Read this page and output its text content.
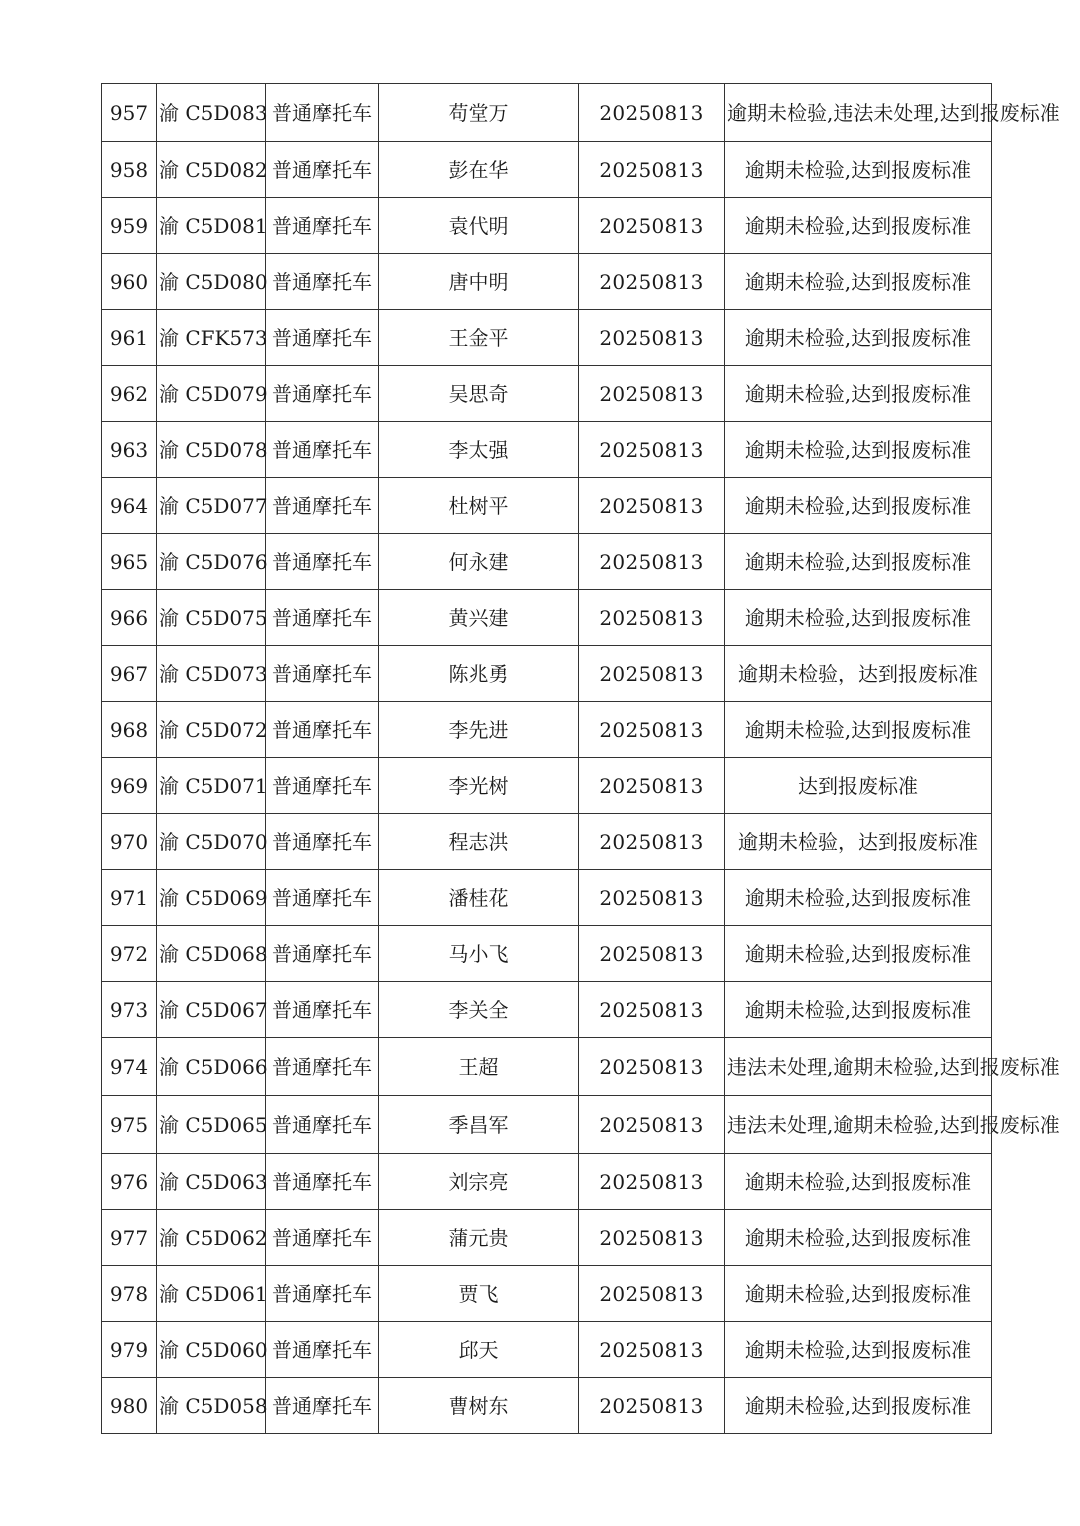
957	渝 C5D083	普通摩托车	苟堂万	20250813	逾期未检验,违法未处理,达到报废标准
958	渝 C5D082	普通摩托车	彭在华	20250813	逾期未检验,达到报废标准
959	渝 C5D081	普通摩托车	袁代明	20250813	逾期未检验,达到报废标准
960	渝 C5D080	普通摩托车	唐中明	20250813	逾期未检验,达到报废标准
961	渝 CFK573	普通摩托车	王金平	20250813	逾期未检验,达到报废标准
962	渝 C5D079	普通摩托车	吴思奇	20250813	逾期未检验,达到报废标准
963	渝 C5D078	普通摩托车	李太强	20250813	逾期未检验,达到报废标准
964	渝 C5D077	普通摩托车	杜树平	20250813	逾期未检验,达到报废标准
965	渝 C5D076	普通摩托车	何永建	20250813	逾期未检验,达到报废标准
966	渝 C5D075	普通摩托车	黄兴建	20250813	逾期未检验,达到报废标准
967	渝 C5D073	普通摩托车	陈兆勇	20250813	逾期未检验，达到报废标准
968	渝 C5D072	普通摩托车	李先进	20250813	逾期未检验,达到报废标准
969	渝 C5D071	普通摩托车	李光树	20250813	达到报废标准
970	渝 C5D070	普通摩托车	程志洪	20250813	逾期未检验，达到报废标准
971	渝 C5D069	普通摩托车	潘桂花	20250813	逾期未检验,达到报废标准
972	渝 C5D068	普通摩托车	马小飞	20250813	逾期未检验,达到报废标准
973	渝 C5D067	普通摩托车	李关全	20250813	逾期未检验,达到报废标准
974	渝 C5D066	普通摩托车	王超	20250813	违法未处理,逾期未检验,达到报废标准
975	渝 C5D065	普通摩托车	季昌军	20250813	违法未处理,逾期未检验,达到报废标准
976	渝 C5D063	普通摩托车	刘宗亮	20250813	逾期未检验,达到报废标准
977	渝 C5D062	普通摩托车	蒲元贵	20250813	逾期未检验,达到报废标准
978	渝 C5D061	普通摩托车	贾飞	20250813	逾期未检验,达到报废标准
979	渝 C5D060	普通摩托车	邱天	20250813	逾期未检验,达到报废标准
980	渝 C5D058	普通摩托车	曹树东	20250813	逾期未检验,达到报废标准
